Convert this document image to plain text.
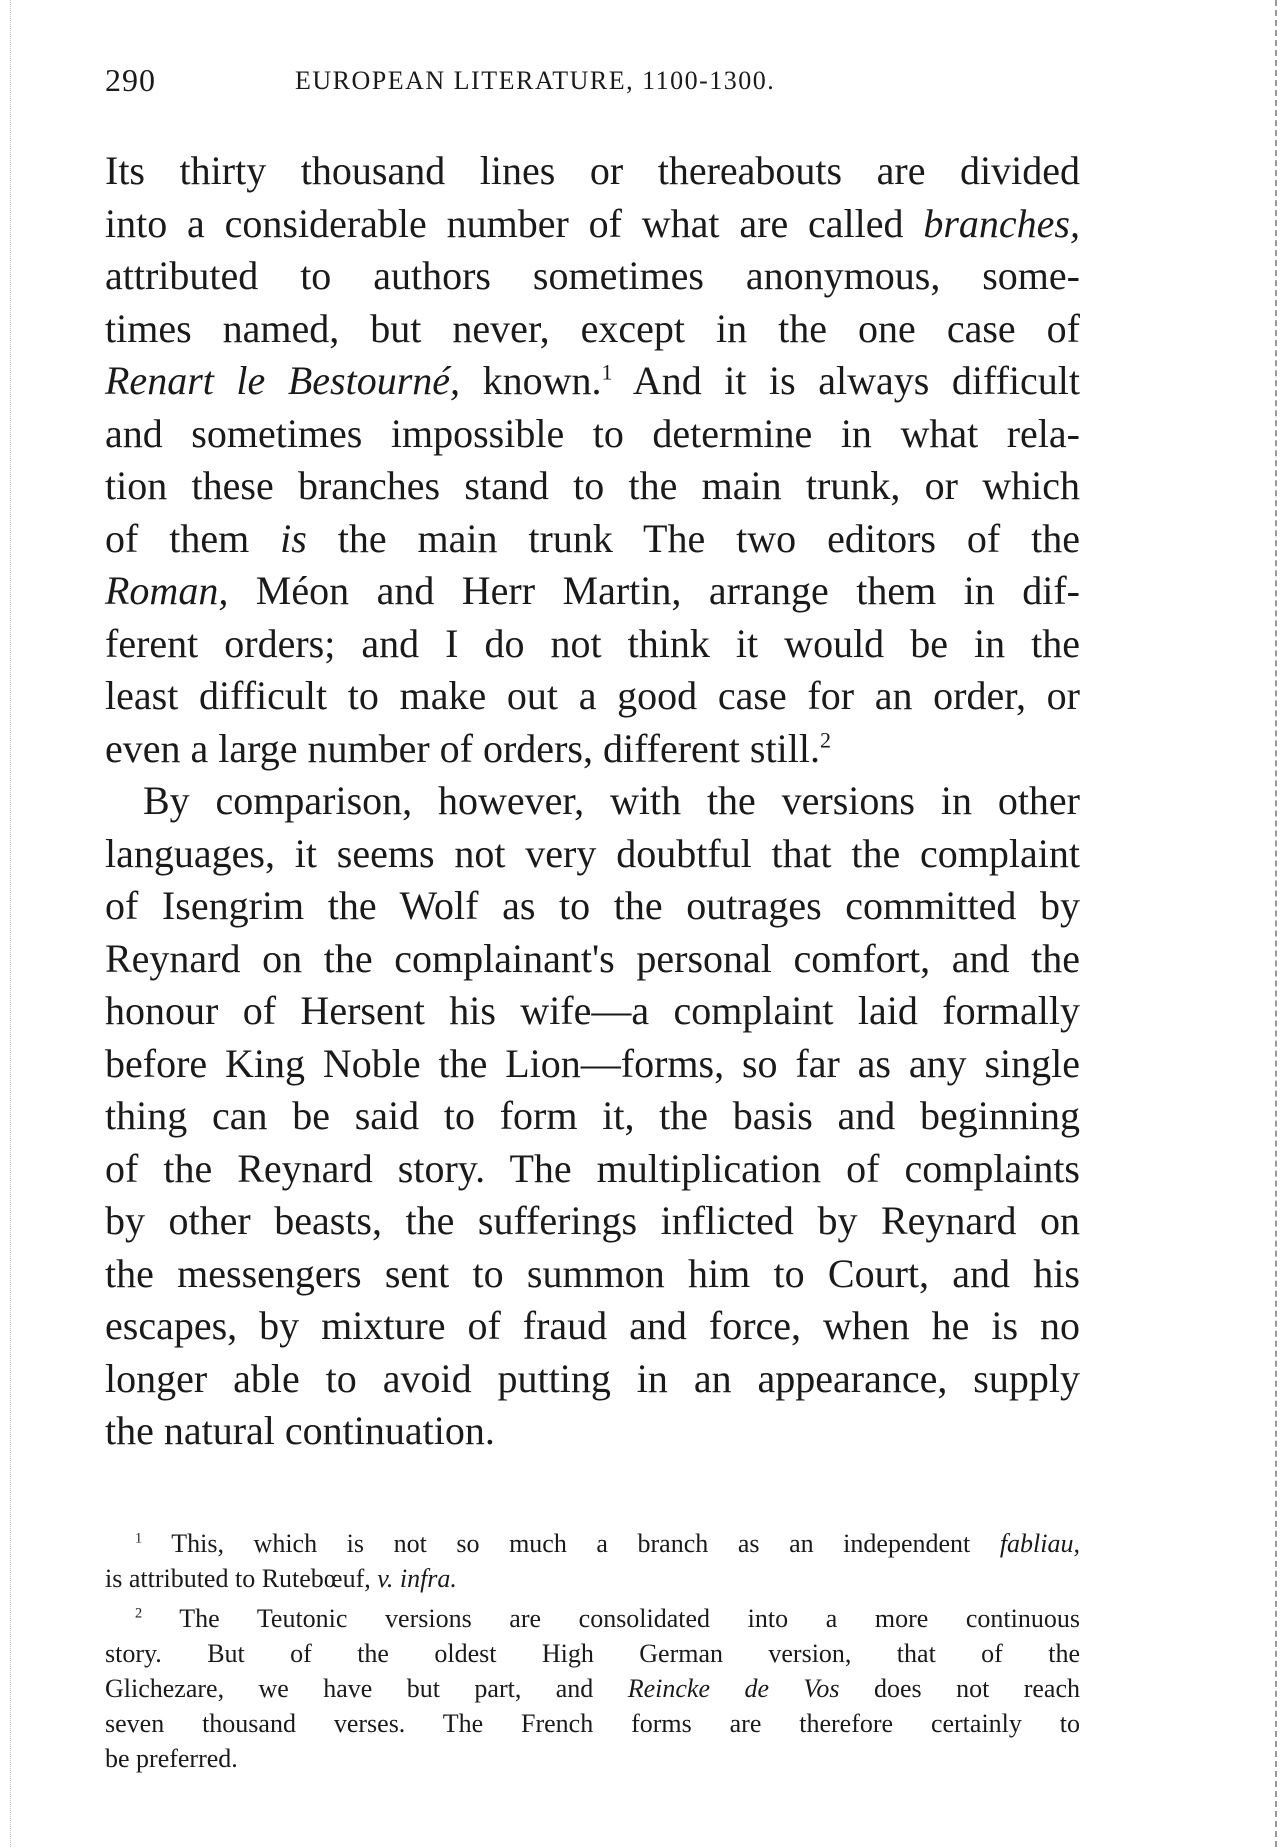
290	EUROPEAN LITERATURE, 1100-1300.
Its thirty thousand lines or thereabouts are divided
into a considerable number of what are called branches,
attributed to authors sometimes anonymous, some-
times named, but never, except in the one case of
Renart le Bestourné, known.$^1$ And it is always difficult
and sometimes impossible to determine in what rela-
tion these branches stand to the main trunk, or which
of them is the main trunk The two editors of the
Roman, Méon and Herr Martin, arrange them in dif-
ferent orders; and I do not think it would be in the
least difficult to make out a good case for an order, or
even a large number of orders, different still.$^2$
By comparison, however, with the versions in other
languages, it seems not very doubtful that the complaint
of Isengrim the Wolf as to the outrages committed by
Reynard on the complainant's personal comfort, and the
honour of Hersent his wife—a complaint laid formally
before King Noble the Lion—forms, so far as any single
thing can be said to form it, the basis and beginning
of the Reynard story. The multiplication of complaints
by other beasts, the sufferings inflicted by Reynard on
the messengers sent to summon him to Court, and his
escapes, by mixture of fraud and force, when he is no
longer able to avoid putting in an appearance, supply
the natural continuation.
$^1$ This, which is not so much a branch as an independent fabliau,
is attributed to Rutebœuf, v. infra.
$^2$ The Teutonic versions are consolidated into a more continuous
story. But of the oldest High German version, that of the
Glichezare, we have but part, and Reincke de Vos does not reach
seven thousand verses. The French forms are therefore certainly to
be preferred.
